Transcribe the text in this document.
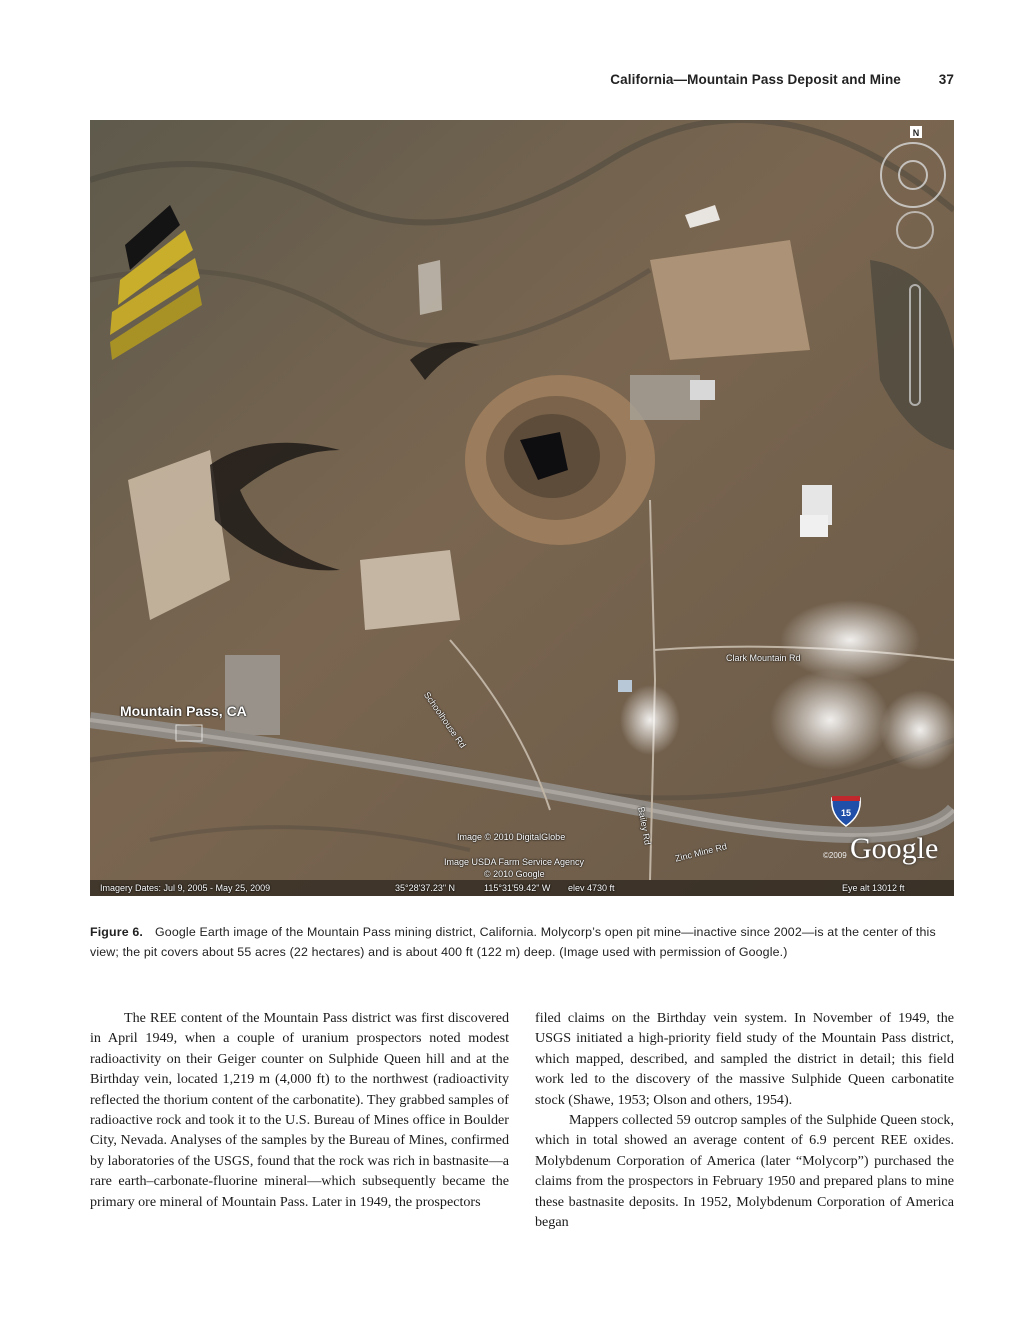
California—Mountain Pass Deposit and Mine	37
N
15
Mountain Pass, CA
Clark Mountain Rd
Schoolhouse Rd
Bailey Rd
Zinc Mine Rd
Image © 2010 DigitalGlobe
Image USDA Farm Service Agency
© 2010 Google
©2009 Google
Imagery Dates: Jul 9, 2005 - May 25, 2009	35°28'37.23" N	115°31'59.42" W elev 4730 ft	Eye alt 13012 ft
Figure 6. Google Earth image of the Mountain Pass mining district, California. Molycorp’s open pit mine—inactive since 2002—is at the center of this view; the pit covers about 55 acres (22 hectares) and is about 400 ft (122 m) deep. (Image used with permission of Google.)

The REE content of the Mountain Pass district was first discovered in April 1949, when a couple of uranium prospectors noted modest radioactivity on their Geiger counter on Sulphide Queen hill and at the Birthday vein, located 1,219 m (4,000 ft) to the northwest (radioactivity reflected the thorium content of the carbonatite). They grabbed samples of radioactive rock and took it to the U.S. Bureau of Mines office in Boulder City, Nevada. Analyses of the samples by the Bureau of Mines, confirmed by laboratories of the USGS, found that the rock was rich in bastnasite—a rare earth–carbonate-fluorine mineral—which subsequently became the primary ore mineral of Mountain Pass. Later in 1949, the prospectors

filed claims on the Birthday vein system. In November of 1949, the USGS initiated a high-priority field study of the Mountain Pass district, which mapped, described, and sampled the district in detail; this field work led to the discovery of the massive Sulphide Queen carbonatite stock (Shawe, 1953; Olson and others, 1954).

Mappers collected 59 outcrop samples of the Sulphide Queen stock, which in total showed an average content of 6.9 percent REE oxides. Molybdenum Corporation of America (later “Molycorp”) purchased the claims from the prospectors in February 1950 and prepared plans to mine these bastnasite deposits. In 1952, Molybdenum Corporation of America began
